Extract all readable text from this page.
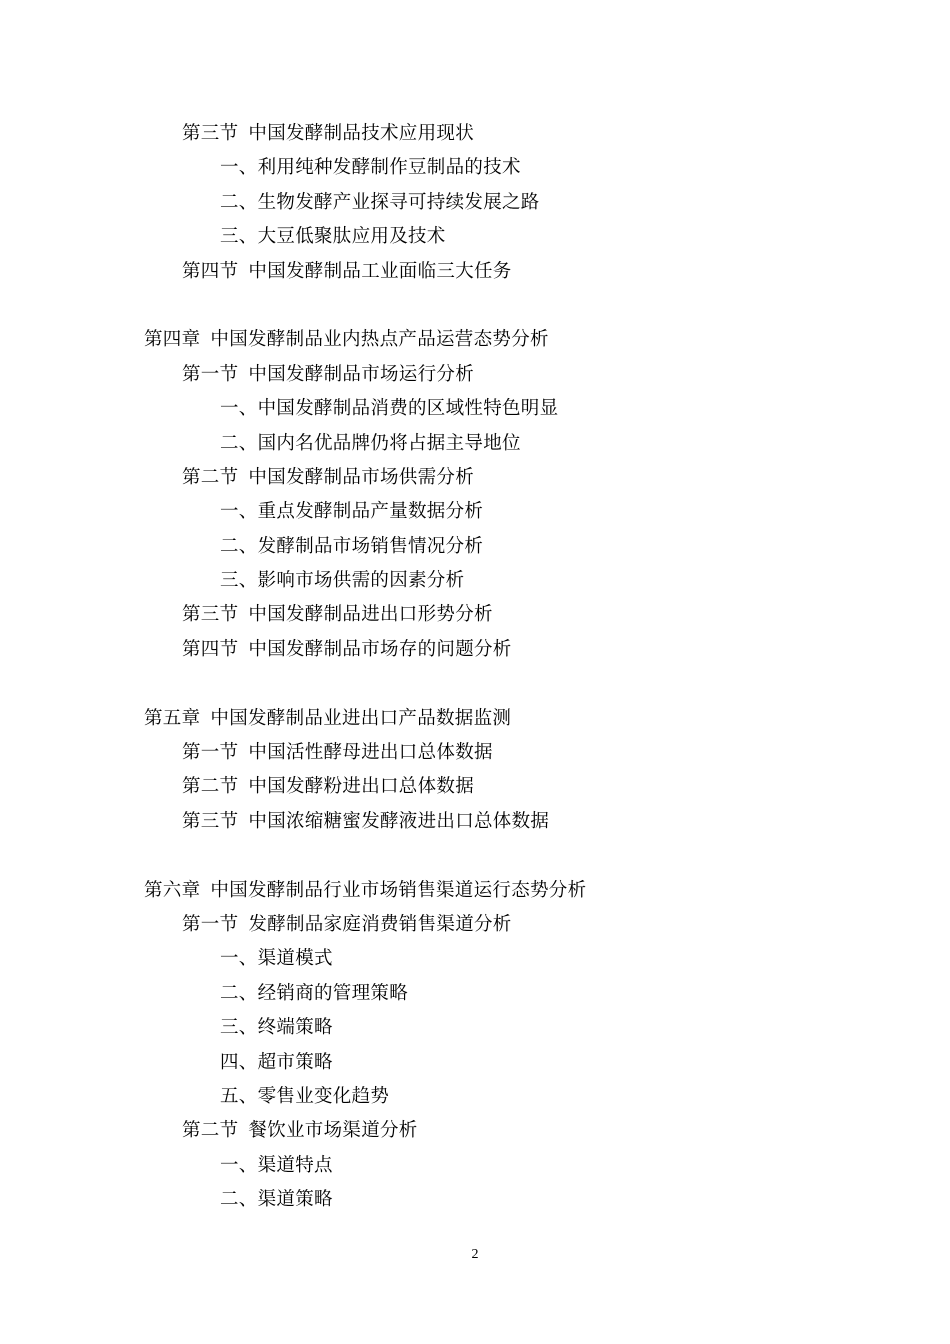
第三节 中国发酵制品技术应用现状
一、利用纯种发酵制作豆制品的技术
二、生物发酵产业探寻可持续发展之路
三、大豆低聚肽应用及技术
第四节 中国发酵制品工业面临三大任务
第四章 中国发酵制品业内热点产品运营态势分析
第一节 中国发酵制品市场运行分析
一、中国发酵制品消费的区域性特色明显
二、国内名优品牌仍将占据主导地位
第二节 中国发酵制品市场供需分析
一、重点发酵制品产量数据分析
二、发酵制品市场销售情况分析
三、影响市场供需的因素分析
第三节 中国发酵制品进出口形势分析
第四节 中国发酵制品市场存的问题分析
第五章 中国发酵制品业进出口产品数据监测
第一节 中国活性酵母进出口总体数据
第二节 中国发酵粉进出口总体数据
第三节 中国浓缩糖蜜发酵液进出口总体数据
第六章 中国发酵制品行业市场销售渠道运行态势分析
第一节 发酵制品家庭消费销售渠道分析
一、渠道模式
二、经销商的管理策略
三、终端策略
四、超市策略
五、零售业变化趋势
第二节 餐饮业市场渠道分析
一、渠道特点
二、渠道策略
2
